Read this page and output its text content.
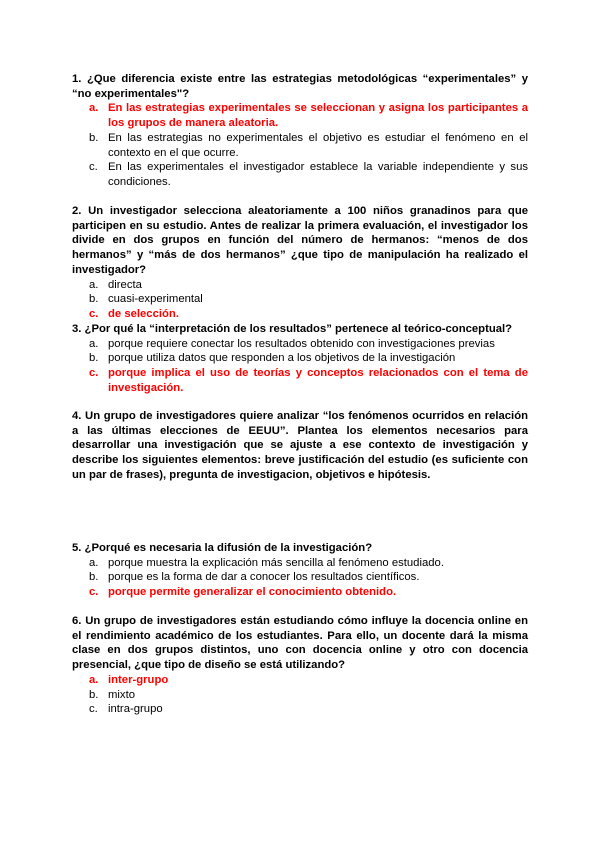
1. ¿Que diferencia existe entre las estrategias metodológicas “experimentales” y “no experimentales"?

a. En las estrategias experimentales se seleccionan y asigna los participantes a los grupos de manera aleatoria.
b. En las estrategias no experimentales el objetivo es estudiar el fenómeno en el contexto en el que ocurre.
c. En las experimentales el investigador establece la variable independiente y sus condiciones.

2. Un investigador selecciona aleatoriamente a 100 niños granadinos para que participen en su estudio. Antes de realizar la primera evaluación, el investigador los divide en dos grupos en función del número de hermanos: “menos de dos hermanos” y “más de dos hermanos” ¿que tipo de manipulación ha realizado el investigador?

a. directa
b. cuasi-experimental
c. de selección.

3. ¿Por qué la “interpretación de los resultados” pertenece al teórico-conceptual?

a. porque requiere conectar los resultados obtenido con investigaciones previas
b. porque utiliza datos que responden a los objetivos de la investigación
c. porque implica el uso de teorías y conceptos relacionados con el tema de investigación.

4. Un grupo de investigadores quiere analizar “los fenómenos ocurridos en relación a las últimas elecciones de EEUU”. Plantea los elementos necesarios para desarrollar una investigación que se ajuste a ese contexto de investigación y describe los siguientes elementos: breve justificación del estudio (es suficiente con un par de frases), pregunta de investigacion, objetivos e hipótesis.

5. ¿Porqué es necesaria la difusión de la investigación?

a. porque muestra la explicación más sencilla al fenómeno estudiado.
b. porque es la forma de dar a conocer los resultados científicos.
c. porque permite generalizar el conocimiento obtenido.

6. Un grupo de investigadores están estudiando cómo influye la docencia online en el rendimiento académico de los estudiantes. Para ello, un docente dará la misma clase en dos grupos distintos, uno con docencia online y otro con docencia presencial, ¿que tipo de diseño se está utilizando?

a. inter-grupo
b. mixto
c. intra-grupo
